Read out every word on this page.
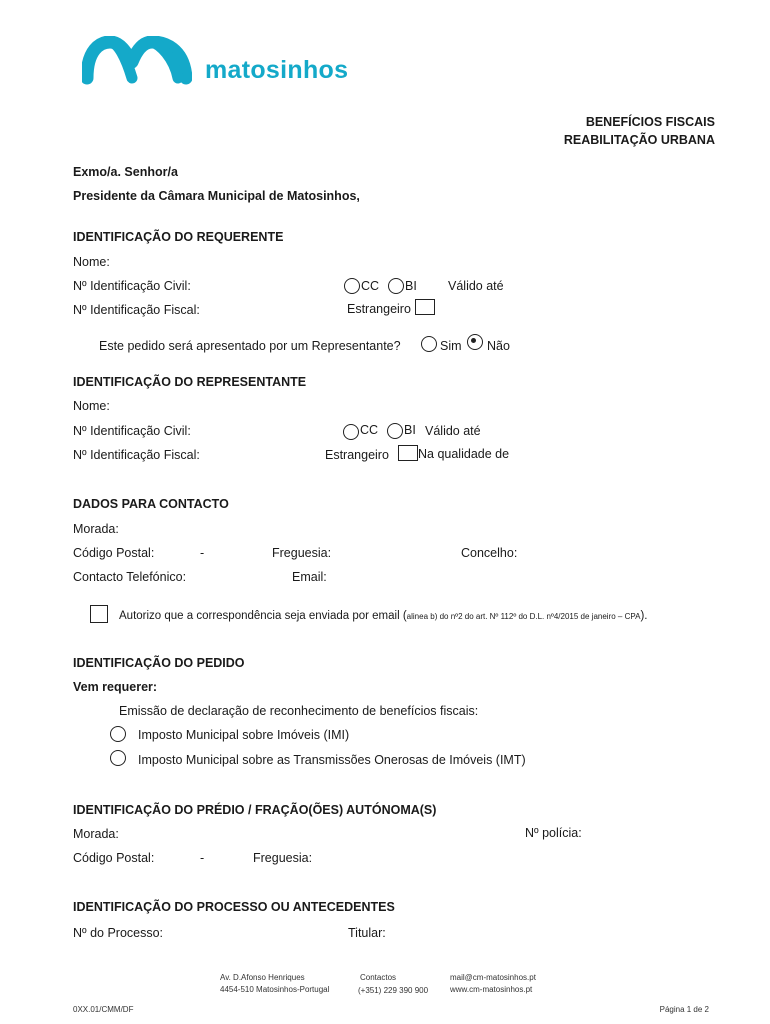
matosinhos
BENEFÍCIOS FISCAIS
REABILITAÇÃO URBANA
Exmo/a. Senhor/a
Presidente da Câmara Municipal de Matosinhos,
IDENTIFICAÇÃO DO REQUERENTE
Nome:
Nº Identificação Civil:	CC BI Válido até
Nº Identificação Fiscal:	Estrangeiro
Este pedido será apresentado por um Representante?	Sim Não
IDENTIFICAÇÃO DO REPRESENTANTE
Nome:
Nº Identificação Civil:	CC BI Válido até
Nº Identificação Fiscal:	Estrangeiro Na qualidade de
DADOS PARA CONTACTO
Morada:
Código Postal:	-	Freguesia:	Concelho:
Contacto Telefónico:	Email:
Autorizo que a correspondência seja enviada por email (alinea b) do nº2 do art. Nº 112º do D.L. nº4/2015 de janeiro – CPA).
IDENTIFICAÇÃO DO PEDIDO
Vem requerer:
Emissão de declaração de reconhecimento de benefícios fiscais:
Imposto Municipal sobre Imóveis (IMI)
Imposto Municipal sobre as Transmissões Onerosas de Imóveis (IMT)
IDENTIFICAÇÃO DO PRÉDIO / FRAÇÃO(ÕES) AUTÓNOMA(S)
Morada:	Nº polícia:
Código Postal:	-	Freguesia:
IDENTIFICAÇÃO DO PROCESSO OU ANTECEDENTES
Nº do Processo:	Titular:
Av. D.Afonso Henriques
4454-510 Matosinhos-Portugal
Contactos
(+351) 229 390 900
mail@cm-matosinhos.pt
www.cm-matosinhos.pt
0XX.01/CMM/DF	Página 1 de 2
